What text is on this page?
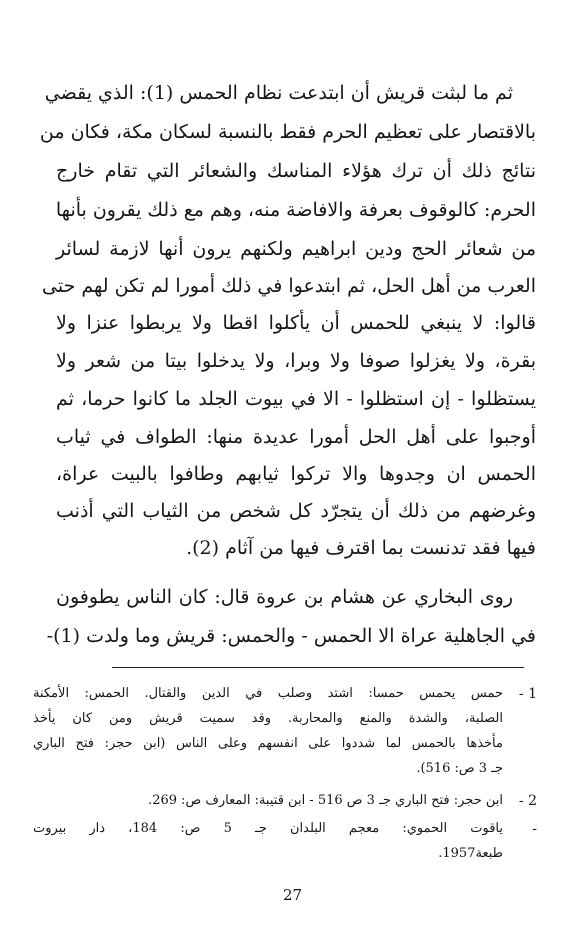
ثم ما لبثت قريش أن ابتدعت نظام الحمس (1): الذي يقضي
بالاقتصار على تعظيم الحرم فقط بالنسبة لسكان مكة، فكان من
نتائج ذلك أن ترك هؤلاء المناسك والشعائر التي تقام خارج
الحرم: كالوقوف بعرفة والافاضة منه، وهم مع ذلك يقرون بأنها
من شعائر الحج ودين ابراهيم ولكنهم يرون أنها لازمة لسائر
العرب من أهل الحل، ثم ابتدعوا في ذلك أمورا لم تكن لهم حتى
قالوا: لا ينبغي للحمس أن يأكلوا اقطا ولا يربطوا عنزا ولا
بقرة، ولا يغزلوا صوفا ولا وبرا، ولا يدخلوا بيتا من شعر ولا
يستظلوا - إن استظلوا - الا في بيوت الجلد ما كانوا حرما، ثم
أوجبوا على أهل الحل أمورا عديدة منها: الطواف في ثياب
الحمس ان وجدوها والا تركوا ثيابهم وطافوا بالبيت عراة،
وغرضهم من ذلك أن يتجرّد كل شخص من الثياب التي أذنب
فيها فقد تدنست بما اقترف فيها من آثام (2).
روى البخاري عن هشام بن عروة قال: كان الناس يطوفون
في الجاهلية عراة الا الحمس - والحمس: قريش وما ولدت (1)-
1 -
حمس يحمس حمسا: اشتد وصلب في الدين والقتال. الحمس: الأمكنة
الصلبة، والشدة والمنع والمحاربة. وقد سميت قريش ومن كان يأخذ
مأخذها بالحمس لما شددوا على انفسهم وعلى الناس (ابن حجر: فتح الباري
جـ 3 ص: 516).
2 -
ابن حجر: فتح الباري جـ 3 ص 516 - ابن قتيبة: المعارف ص: 269.
-
ياقوت الحموي: معجم البلدان جـ 5 ص: 184، دار بيروت
طبعة1957.
27
